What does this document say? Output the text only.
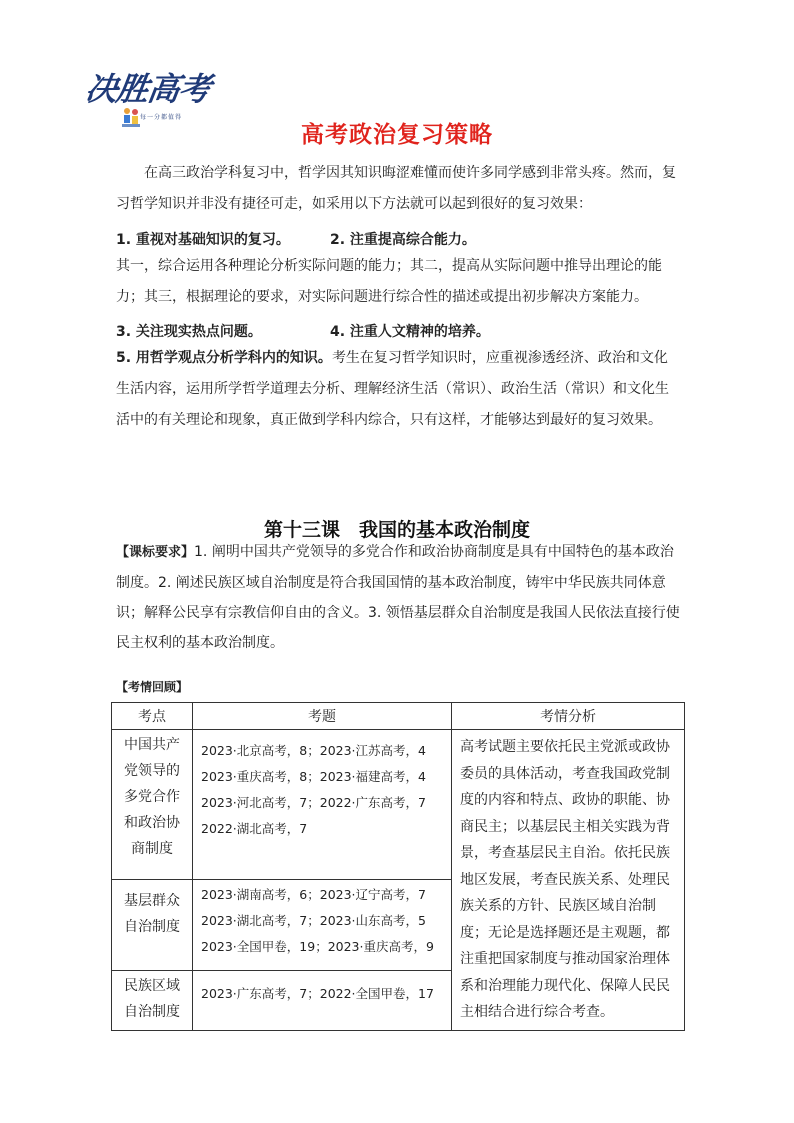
决胜高考
每一分都值得
高考政治复习策略

在高三政治学科复习中，哲学因其知识晦涩难懂而使许多同学感到非常头疼。然而，复习哲学知识并非没有捷径可走，如采用以下方法就可以起到很好的复习效果：

1. 重视对基础知识的复习。	2. 注重提高综合能力。

其一，综合运用各种理论分析实际问题的能力；其二，提高从实际问题中推导出理论的能力；其三，根据理论的要求，对实际问题进行综合性的描述或提出初步解决方案能力。

3. 关注现实热点问题。	4. 注重人文精神的培养。

5. 用哲学观点分析学科内的知识。考生在复习哲学知识时，应重视渗透经济、政治和文化生活内容，运用所学哲学道理去分析、理解经济生活（常识）、政治生活（常识）和文化生活中的有关理论和现象，真正做到学科内综合，只有这样，才能够达到最好的复习效果。

第十三课　我国的基本政治制度

【课标要求】1. 阐明中国共产党领导的多党合作和政治协商制度是具有中国特色的基本政治制度。2. 阐述民族区域自治制度是符合我国国情的基本政治制度，铸牢中华民族共同体意识；解释公民享有宗教信仰自由的含义。3. 领悟基层群众自治制度是我国人民依法直接行使民主权利的基本政治制度。

【考情回顾】
考点	考题	考情分析

中国共产党领导的多党合作和政治协商制度	2023·北京高考，8；2023·江苏高考，4
2023·重庆高考，8；2023·福建高考，4
2023·河北高考，7；2022·广东高考，7
2022·湖北高考，7	高考试题主要依托民主党派或政协委员的具体活动，考查我国政党制度的内容和特点、政协的职能、协商民主；以基层民主相关实践为背景，考查基层民主自治。依托民族地区发展，考查民族关系、处理民族关系的方针、民族区域自治制度；无论是选择题还是主观题，都注重把国家制度与推动国家治理体系和治理能力现代化、保障人民民主相结合进行综合考查。

基层群众自治制度	2023·湖南高考，6；2023·辽宁高考，7
2023·湖北高考，7；2023·山东高考，5
2023·全国甲卷，19；2023·重庆高考，9	

民族区域自治制度	2023·广东高考，7；2022·全国甲卷，17	
